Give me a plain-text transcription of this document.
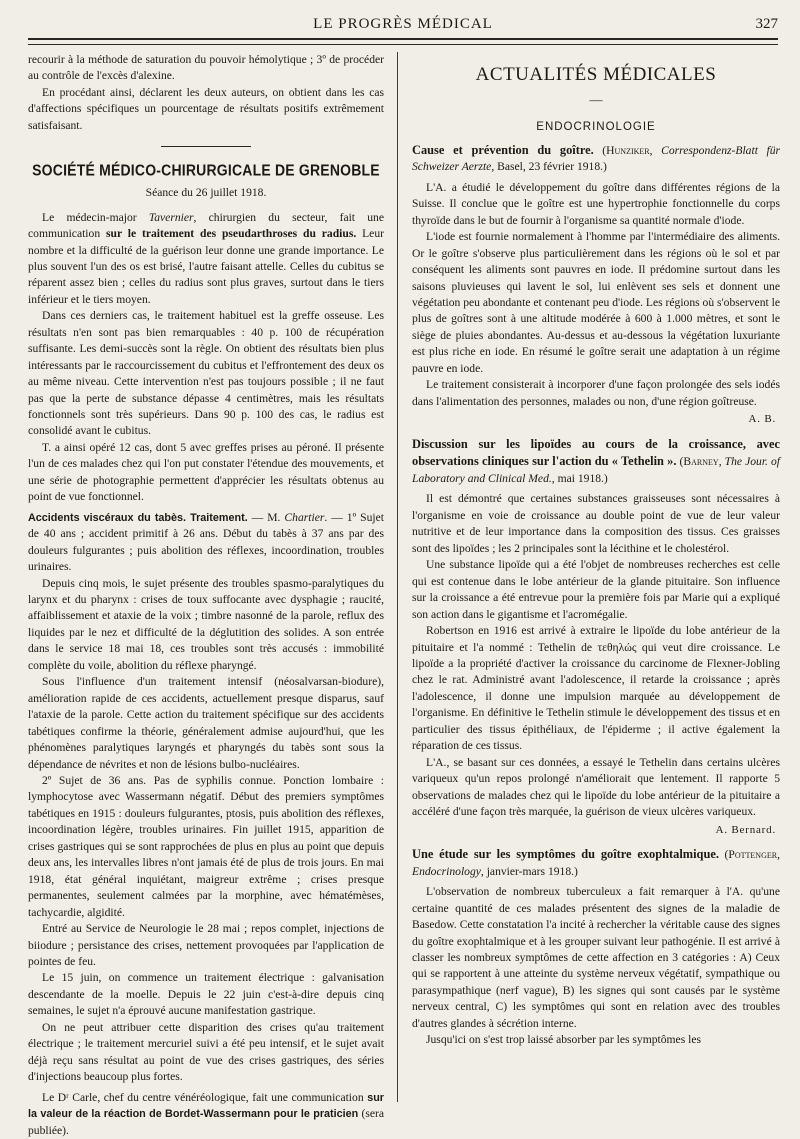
LE PROGRÈS MÉDICAL	327

recourir à la méthode de saturation du pouvoir hémolytique ; 3º de procéder au contrôle de l'excès d'alexine.

En procédant ainsi, déclarent les deux auteurs, on obtient dans les cas d'affections spécifiques un pourcentage de résultats positifs extrêmement satisfaisant.

SOCIÉTÉ MÉDICO-CHIRURGICALE DE GRENOBLE
Séance du 26 juillet 1918.

Le médecin-major Tavernier, chirurgien du secteur, fait une communication sur le traitement des pseudarthroses du radius. Leur nombre et la difficulté de la guérison leur donne une grande importance. Le plus souvent l'un des os est brisé, l'autre faisant attelle. Celles du cubitus se réparent assez bien ; celles du radius sont plus graves, surtout dans le tiers inférieur et le tiers moyen.

Dans ces derniers cas, le traitement habituel est la greffe osseuse. Les résultats n'en sont pas bien remarquables : 40 p. 100 de récupération suffisante. Les demi-succès sont la règle. On obtient des résultats bien plus intéressants par le raccourcissement du cubitus et l'effrontement des deux os au même niveau. Cette intervention n'est pas toujours possible ; il ne faut pas que la perte de substance dépasse 4 centimètres, mais les résultats fonctionnels sont très supérieurs. Dans 90 p. 100 des cas, le radius est consolidé avant le cubitus.

T. a ainsi opéré 12 cas, dont 5 avec greffes prises au péroné. Il présente l'un de ces malades chez qui l'on put constater l'étendue des mouvements, et une série de photographie permettent d'apprécier les résultats obtenus au point de vue fonctionnel.

Accidents viscéraux du tabès. Traitement. — M. Chartier. — 1º Sujet de 40 ans ; accident primitif à 26 ans. Début du tabès à 37 ans par des douleurs fulgurantes ; puis abolition des réflexes, incoordination, troubles urinaires.

Depuis cinq mois, le sujet présente des troubles spasmo-paralytiques du larynx et du pharynx : crises de toux suffocante avec dysphagie ; raucité, affaiblissement et ataxie de la voix ; timbre nasonné de la parole, reflux des liquides par le nez et difficulté de la déglutition des solides. A son entrée dans le service 18 mai 18, ces troubles sont très accusés : immobilité complète du voile, abolition du réflexe pharyngé.

Sous l'influence d'un traitement intensif (néosalvarsan-biodure), amélioration rapide de ces accidents, actuellement presque disparus, sauf l'ataxie de la parole. Cette action du traitement spécifique sur des accidents tabétiques confirme la théorie, généralement admise aujourd'hui, que les phénomènes paralytiques laryngés et pharyngés du tabès sont sous la dépendance de névrites et non de lésions bulbo-nucléaires.

2º Sujet de 36 ans. Pas de syphilis connue. Ponction lombaire : lymphocytose avec Wassermann négatif. Début des premiers symptômes tabétiques en 1915 : douleurs fulgurantes, ptosis, puis abolition des réflexes, incoordination légère, troubles urinaires. Fin juillet 1915, apparition de crises gastriques qui se sont rapprochées de plus en plus au point que depuis deux ans, les intervalles libres n'ont jamais été de plus de trois jours. En mai 1918, état général inquiétant, maigreur extrême ; crises presque permanentes, seulement calmées par la morphine, avec hématémèses, tachycardie, algidité.

Entré au Service de Neurologie le 28 mai ; repos complet, injections de biiodure ; persistance des crises, nettement provoquées par l'application de pointes de feu.

Le 15 juin, on commence un traitement électrique : galvanisation descendante de la moelle. Depuis le 22 juin c'est-à-dire depuis cinq semaines, le sujet n'a éprouvé aucune manifestation gastrique.

On ne peut attribuer cette disparition des crises qu'au traitement électrique ; le traitement mercuriel suivi a été peu intensif, et le sujet avait déjà reçu sans résultat au point de vue des crises gastriques, des séries d'injections beaucoup plus fortes.

Le Dʳ Carle, chef du centre vénéréologique, fait une communication sur la valeur de la réaction de Bordet-Wassermann pour le praticien (sera publiée).

ACTUALITÉS MÉDICALES
—
ENDOCRINOLOGIE

Cause et prévention du goître. (Hunziker, Correspondenz-Blatt für Schweizer Aerzte, Basel, 23 février 1918.)

L'A. a étudié le développement du goître dans différentes régions de la Suisse. Il conclue que le goître est une hypertrophie fonctionnelle du corps thyroïde dans le but de fournir à l'organisme sa quantité normale d'iode.

L'iode est fournie normalement à l'homme par l'intermédiaire des aliments. Or le goître s'observe plus particulièrement dans les régions où le sol et par conséquent les aliments sont pauvres en iode. Il prédomine surtout dans les saisons pluvieuses qui lavent le sol, lui enlèvent ses sels et donnent une végétation peu abondante et contenant peu d'iode. Les régions où s'observent le plus de goîtres sont à une altitude modérée à 600 à 1.000 mètres, et sont le siège de pluies abondantes. Au-dessus et au-dessous la végétation luxuriante est plus riche en iode. En résumé le goître serait une adaptation à un régime pauvre en iode.

Le traitement consisterait à incorporer d'une façon prolongée des sels iodés dans l'alimentation des personnes, malades ou non, d'une région goîtreuse.

A. B.

Discussion sur les lipoïdes au cours de la croissance, avec observations cliniques sur l'action du « Tethelin ». (Barney, The Jour. of Laboratory and Clinical Med., mai 1918.)

Il est démontré que certaines substances graisseuses sont nécessaires à l'organisme en voie de croissance au double point de vue de leur valeur nutritive et de leur importance dans la composition des tissus. Ces graisses sont des lipoïdes ; les 2 principales sont la lécithine et le cholestérol.

Une substance lipoïde qui a été l'objet de nombreuses recherches est celle qui est contenue dans le lobe antérieur de la glande pituitaire. Son influence sur la croissance a été entrevue pour la première fois par Marie qui a expliqué son action dans le gigantisme et l'acromégalie.

Robertson en 1916 est arrivé à extraire le lipoïde du lobe antérieur de la pituitaire et l'a nommé : Tethelin de τεθηλώς qui veut dire croissance. Le lipoïde a la propriété d'activer la croissance du carcinome de Flexner-Jobling chez le rat. Administré avant l'adolescence, il retarde la croissance ; après l'adolescence, il donne une impulsion marquée au développement de l'organisme. En définitive le Tethelin stimule le développement des tissus et en particulier des tissus épithéliaux, de l'épiderme ; il active également la réparation de ces tissus.

L'A., se basant sur ces données, a essayé le Tethelin dans certains ulcères variqueux qu'un repos prolongé n'améliorait que lentement. Il rapporte 5 observations de malades chez qui le lipoïde du lobe antérieur de la pituitaire a accéléré d'une façon très marquée, la guérison de vieux ulcères variqueux.

A. Bernard.

Une étude sur les symptômes du goître exophtalmique. (Pottenger, Endocrinology, janvier-mars 1918.)

L'observation de nombreux tuberculeux a fait remarquer à l'A. qu'une certaine quantité de ces malades présentent des signes de la maladie de Basedow. Cette constatation l'a incité à rechercher la véritable cause des signes du goître exophtalmique et à les grouper suivant leur pathogénie. Il est arrivé à classer les nombreux symptômes de cette affection en 3 catégories : A) Ceux qui se rapportent à une atteinte du système nerveux végétatif, sympathique ou parasympathique (nerf vague), B) les signes qui sont causés par le système nerveux central, C) les symptômes qui sont en relation avec des troubles d'autres glandes à sécrétion interne.

Jusqu'ici on s'est trop laissé absorber par les symptômes les
